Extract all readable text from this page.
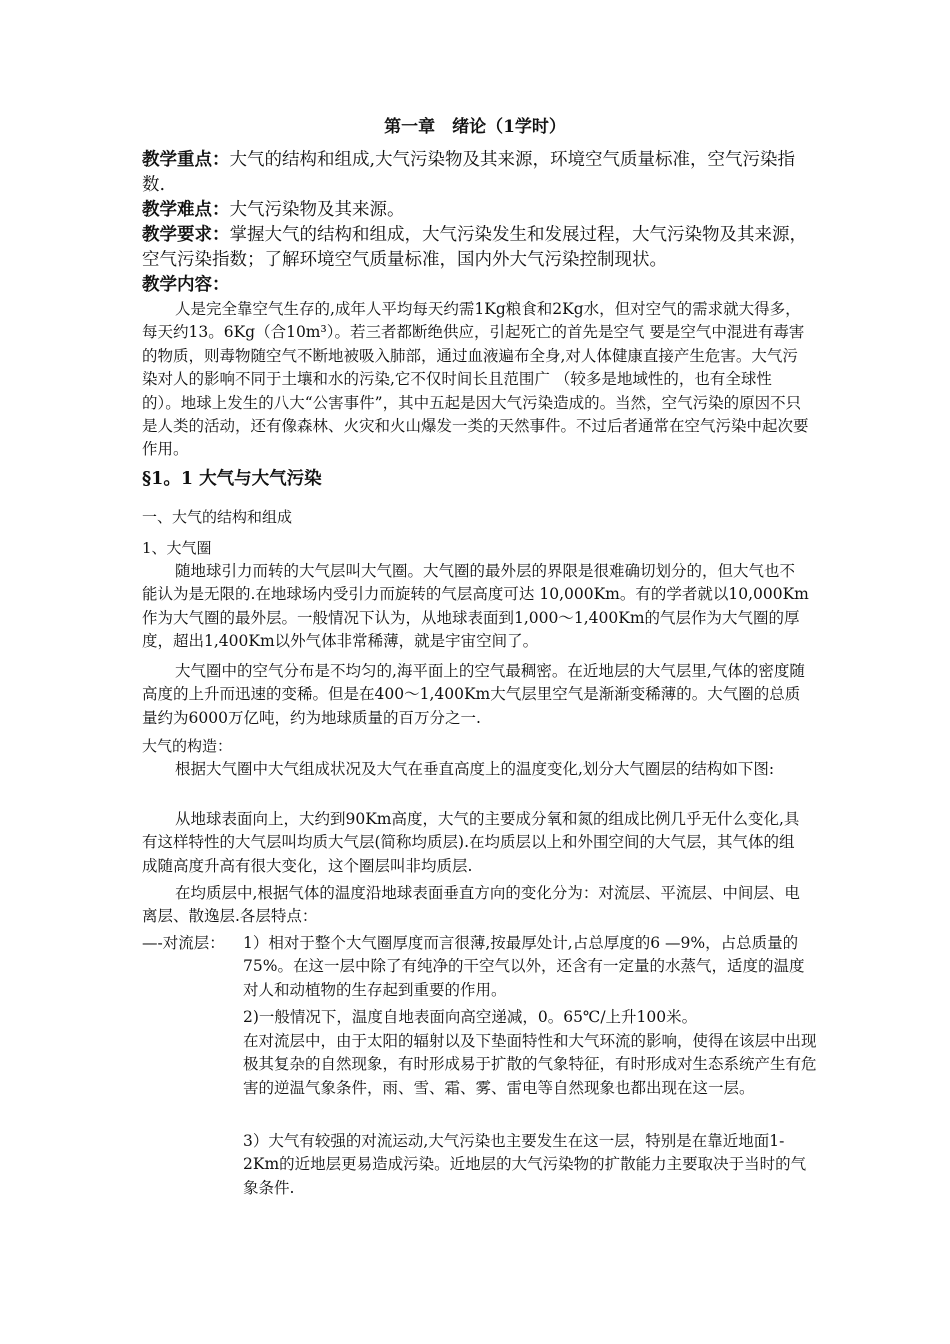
第一章　绪论（1学时）
教学重点：大气的结构和组成,大气污染物及其来源，环境空气质量标准，空气污染指数.
教学难点：大气污染物及其来源。
教学要求：掌握大气的结构和组成，大气污染发生和发展过程，大气污染物及其来源，空气污染指数；了解环境空气质量标准，国内外大气污染控制现状。
教学内容：
人是完全靠空气生存的,成年人平均每天约需1Kg粮食和2Kg水，但对空气的需求就大得多，每天约13。6Kg（合10m³）。若三者都断绝供应，引起死亡的首先是空气 要是空气中混进有毒害的物质，则毒物随空气不断地被吸入肺部，通过血液遍布全身,对人体健康直接产生危害。大气污染对人的影响不同于土壤和水的污染,它不仅时间长且范围广 （较多是地域性的，也有全球性的）。地球上发生的八大“公害事件”，其中五起是因大气污染造成的。当然，空气污染的原因不只是人类的活动，还有像森林、火灾和火山爆发一类的天然事件。不过后者通常在空气污染中起次要作用。
§1。1 大气与大气污染
一、大气的结构和组成
1、大气圈
随地球引力而转的大气层叫大气圈。大气圈的最外层的界限是很难确切划分的，但大气也不能认为是无限的.在地球场内受引力而旋转的气层高度可达 10,000Km。有的学者就以10,000Km作为大气圈的最外层。一般情况下认为，从地球表面到1,000～1,400Km的气层作为大气圈的厚度，超出1,400Km以外气体非常稀薄，就是宇宙空间了。
大气圈中的空气分布是不均匀的,海平面上的空气最稠密。在近地层的大气层里,气体的密度随高度的上升而迅速的变稀。但是在400～1,400Km大气层里空气是渐渐变稀薄的。大气圈的总质量约为6000万亿吨，约为地球质量的百万分之一.
大气的构造：
根据大气圈中大气组成状况及大气在垂直高度上的温度变化,划分大气圈层的结构如下图:
从地球表面向上，大约到90Km高度，大气的主要成分氧和氮的组成比例几乎无什么变化,具有这样特性的大气层叫均质大气层(简称均质层).在均质层以上和外围空间的大气层，其气体的组成随高度升高有很大变化，这个圈层叫非均质层.
在均质层中,根据气体的温度沿地球表面垂直方向的变化分为：对流层、平流层、中间层、电离层、散逸层.各层特点：
—-对流层： 1）相对于整个大气圈厚度而言很薄,按最厚处计,占总厚度的6 —9%，占总质量的 75%。在这一层中除了有纯净的干空气以外，还含有一定量的水蒸气，适度的温度对人和动植物的生存起到重要的作用。
2)一般情况下，温度自地表面向高空递减，0。65℃/上升100米。
在对流层中，由于太阳的辐射以及下垫面特性和大气环流的影响，使得在该层中出现极其复杂的自然现象，有时形成易于扩散的气象特征，有时形成对生态系统产生有危害的逆温气象条件，雨、雪、霜、雾、雷电等自然现象也都出现在这一层。
3）大气有较强的对流运动,大气污染也主要发生在这一层，特别是在靠近地面1-2Km的近地层更易造成污染。近地层的大气污染物的扩散能力主要取决于当时的气象条件.
